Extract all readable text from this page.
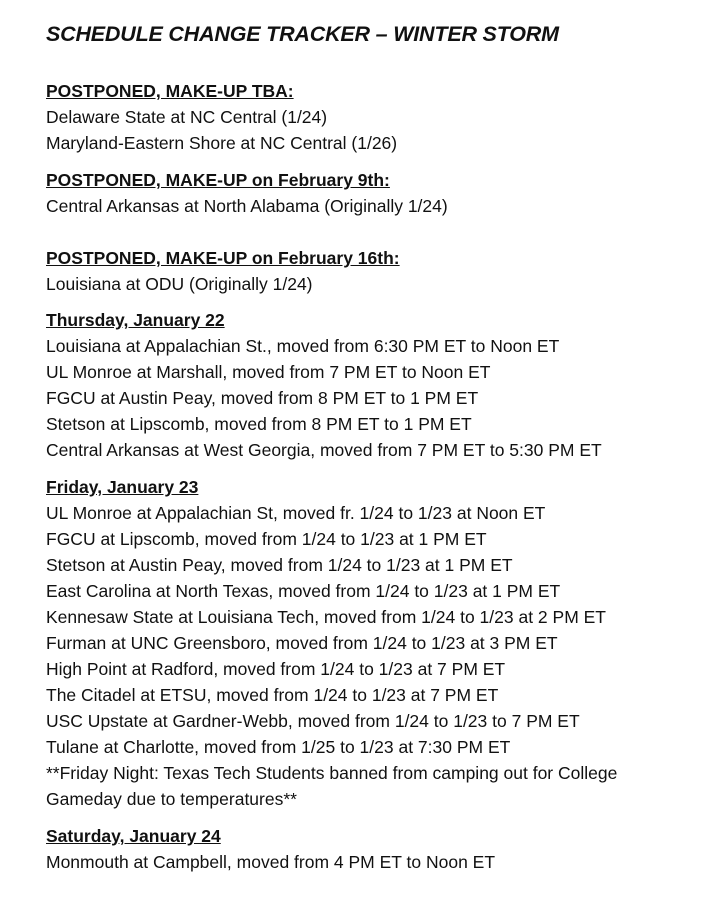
SCHEDULE CHANGE TRACKER – WINTER STORM
POSTPONED, MAKE-UP TBA:
Delaware State at NC Central (1/24)
Maryland-Eastern Shore at NC Central (1/26)
POSTPONED, MAKE-UP on February 9th:
Central Arkansas at North Alabama (Originally 1/24)
POSTPONED, MAKE-UP on February 16th:
Louisiana at ODU (Originally 1/24)
Thursday, January 22
Louisiana at Appalachian St., moved from 6:30 PM ET to Noon ET
UL Monroe at Marshall, moved from 7 PM ET to Noon ET
FGCU at Austin Peay, moved from 8 PM ET to 1 PM ET
Stetson at Lipscomb, moved from 8 PM ET to 1 PM ET
Central Arkansas at West Georgia, moved from 7 PM ET to 5:30 PM ET
Friday, January 23
UL Monroe at Appalachian St, moved fr. 1/24 to 1/23 at Noon ET
FGCU at Lipscomb, moved from 1/24 to 1/23 at 1 PM ET
Stetson at Austin Peay, moved from 1/24 to 1/23 at 1 PM ET
East Carolina at North Texas, moved from 1/24 to 1/23 at 1 PM ET
Kennesaw State at Louisiana Tech, moved from 1/24 to 1/23 at 2 PM ET
Furman at UNC Greensboro, moved from 1/24 to 1/23 at 3 PM ET
High Point at Radford, moved from 1/24 to 1/23 at 7 PM ET
The Citadel at ETSU, moved from 1/24 to 1/23 at 7 PM ET
USC Upstate at Gardner-Webb, moved from 1/24 to 1/23 to 7 PM ET
Tulane at Charlotte, moved from 1/25 to 1/23 at 7:30 PM ET
**Friday Night: Texas Tech Students banned from camping out for College Gameday due to temperatures**
Saturday, January 24
Monmouth at Campbell, moved from 4 PM ET to Noon ET
